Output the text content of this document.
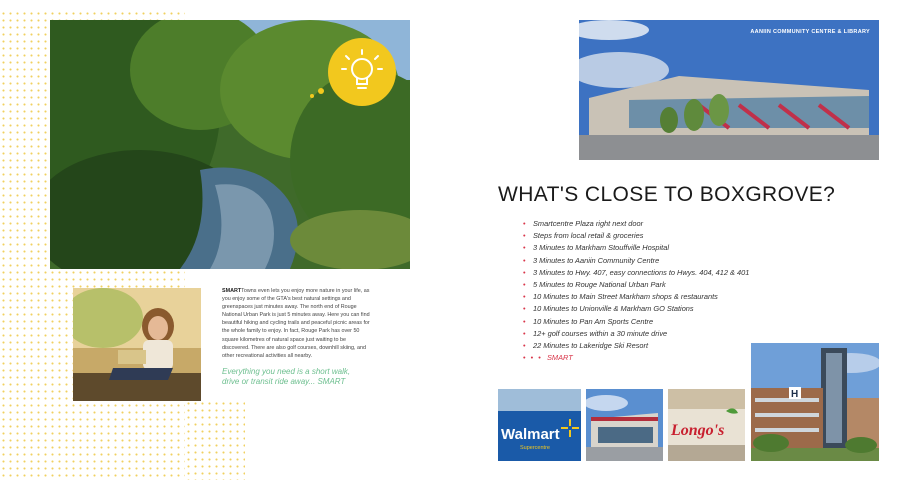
SMARTTowns even lets you enjoy more nature in your life, as you enjoy some of the GTA's best natural settings and greenspaces just minutes away. The north end of Rouge National Urban Park is just 5 minutes away. Here you can find beautiful hiking and cycling trails and peaceful picnic areas for the whole family to enjoy. In fact, Rouge Park has over 50 square kilometres of natural space just waiting to be discovered. There are also golf courses, downhill skiing, and other recreational activities all nearby.
Everything you need is a short walk, drive or transit ride away... SMART
AANIIN COMMUNITY CENTRE & LIBRARY
WHAT'S CLOSE TO BOXGROVE?
• Smartcentre Plaza right next door
• Steps from local retail & groceries
• 3 Minutes to Markham Stouffville Hospital
• 3 Minutes to Aaniin Community Centre
• 3 Minutes to Hwy. 407, easy connections to Hwys. 404, 412 & 401
• 5 Minutes to Rouge National Urban Park
• 10 Minutes to Main Street Markham shops & restaurants
• 10 Minutes to Unionville & Markham GO Stations
• 10 Minutes to Pan Am Sports Centre
• 12+ golf courses within a 30 minute drive
• 22 Minutes to Lakeridge Ski Resort
• • • SMART
Walmart
Supercentre
Longo's
H
